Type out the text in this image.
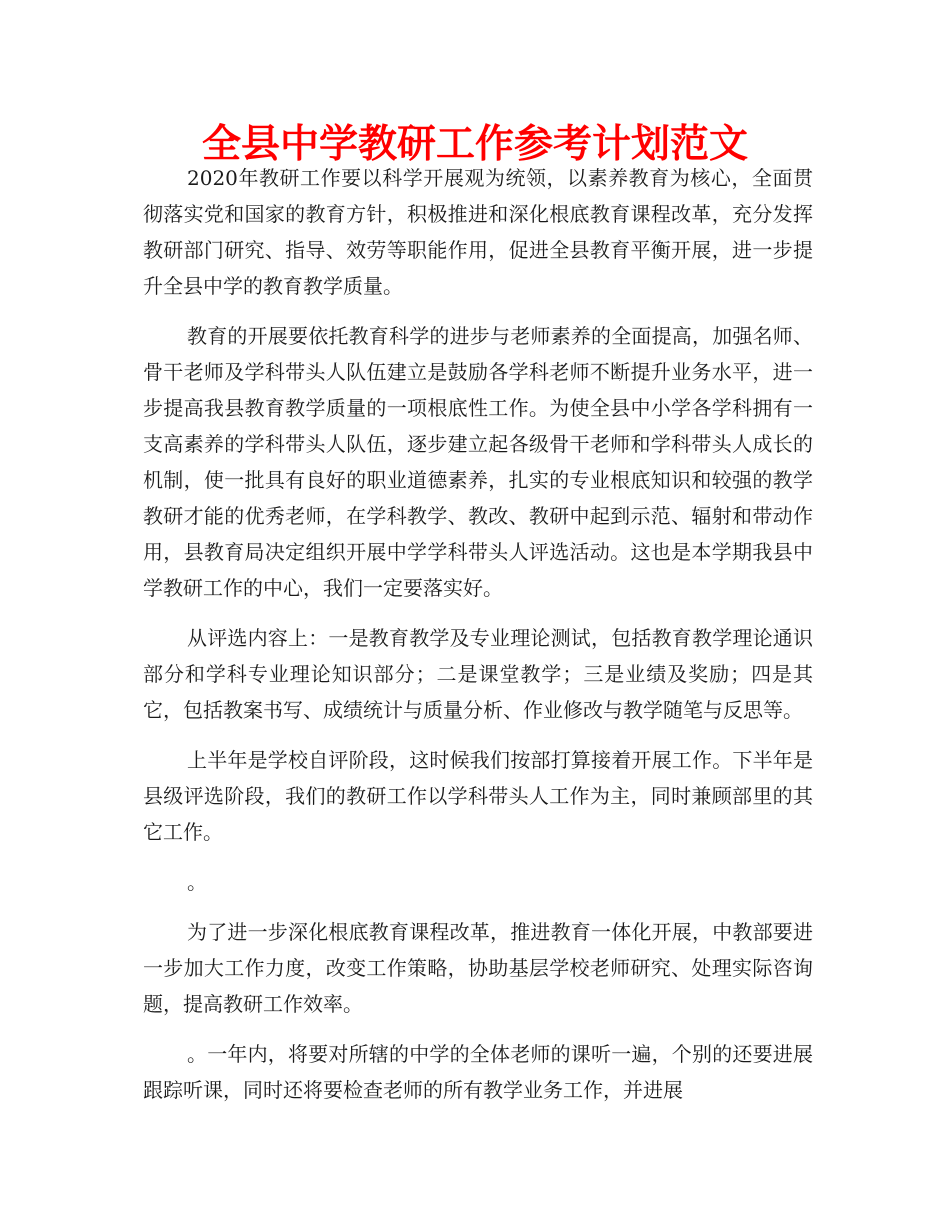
全县中学教研工作参考计划范文

2020年教研工作要以科学开展观为统领，以素养教育为核心，全面贯彻落实党和国家的教育方针，积极推进和深化根底教育课程改革，充分发挥教研部门研究、指导、效劳等职能作用，促进全县教育平衡开展，进一步提升全县中学的教育教学质量。

教育的开展要依托教育科学的进步与老师素养的全面提高，加强名师、骨干老师及学科带头人队伍建立是鼓励各学科老师不断提升业务水平，进一步提高我县教育教学质量的一项根底性工作。为使全县中小学各学科拥有一支高素养的学科带头人队伍，逐步建立起各级骨干老师和学科带头人成长的机制，使一批具有良好的职业道德素养，扎实的专业根底知识和较强的教学教研才能的优秀老师，在学科教学、教改、教研中起到示范、辐射和带动作用，县教育局决定组织开展中学学科带头人评选活动。这也是本学期我县中学教研工作的中心，我们一定要落实好。

从评选内容上：一是教育教学及专业理论测试，包括教育教学理论通识部分和学科专业理论知识部分；二是课堂教学；三是业绩及奖励；四是其它，包括教案书写、成绩统计与质量分析、作业修改与教学随笔与反思等。

上半年是学校自评阶段，这时候我们按部打算接着开展工作。下半年是县级评选阶段，我们的教研工作以学科带头人工作为主，同时兼顾部里的其它工作。

。

为了进一步深化根底教育课程改革，推进教育一体化开展，中教部要进一步加大工作力度，改变工作策略，协助基层学校老师研究、处理实际咨询题，提高教研工作效率。

。一年内，将要对所辖的中学的全体老师的课听一遍，个别的还要进展跟踪听课，同时还将要检查老师的所有教学业务工作，并进展
